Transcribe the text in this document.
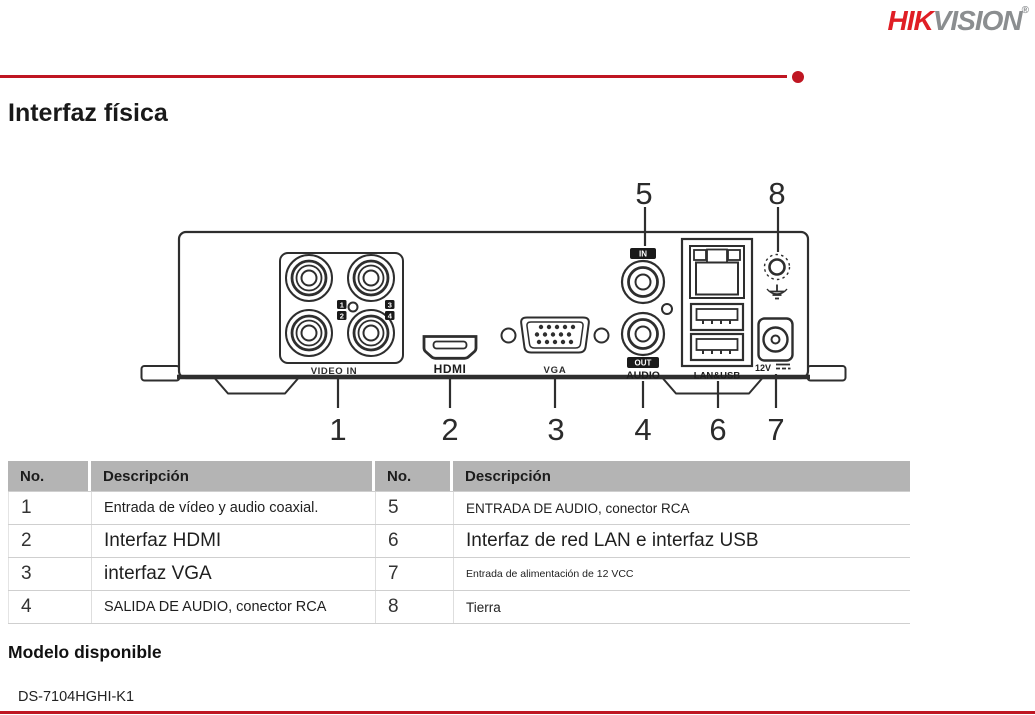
HIKVISION®
Interfaz física
1
2
3
4
VIDEO IN	HDMI	VGA
IN
OUT
AUDIO	LAN&USB
12V
5	8
1	2	3 4 6 7
No.	Descripción	No.	Descripción
1	Entrada de vídeo y audio coaxial.	5	ENTRADA DE AUDIO, conector RCA
2	Interfaz HDMI	6	Interfaz de red LAN e interfaz USB
3	interfaz VGA	7	Entrada de alimentación de 12 VCC
4	SALIDA DE AUDIO, conector RCA	8	Tierra
Modelo disponible
DS-7104HGHI-K1
